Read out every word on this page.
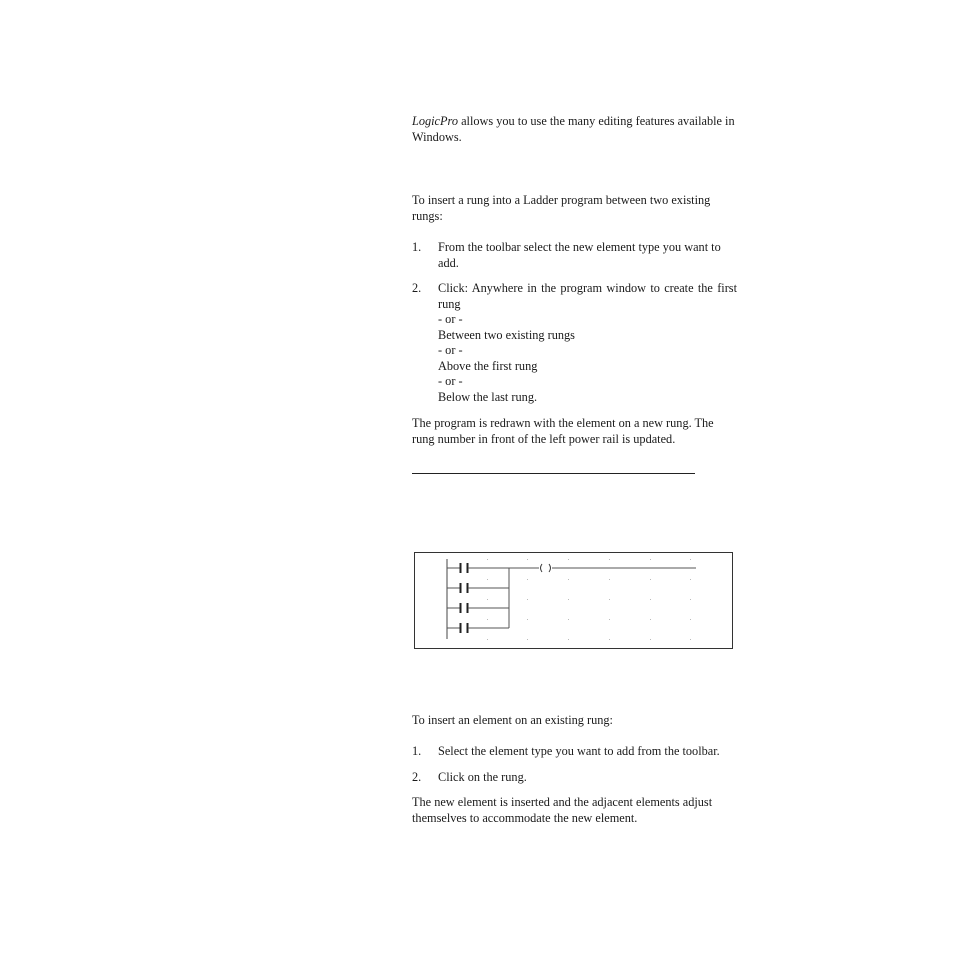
LogicPro allows you to use the many editing features available in Windows.

To insert a rung into a Ladder program between two existing rungs:

1. From the toolbar select the new element type you want to add.
2. Click: Anywhere in the program window to create the first rung
- or -
Between two existing rungs
- or -
Above the first rung
- or -
Below the last rung.

The program is redrawn with the element on a new rung. The rung number in front of the left power rail is updated.

To insert an element on an existing rung:

1. Select the element type you want to add from the toolbar.
2. Click on the rung.

The new element is inserted and the adjacent elements adjust themselves to accommodate the new element.
